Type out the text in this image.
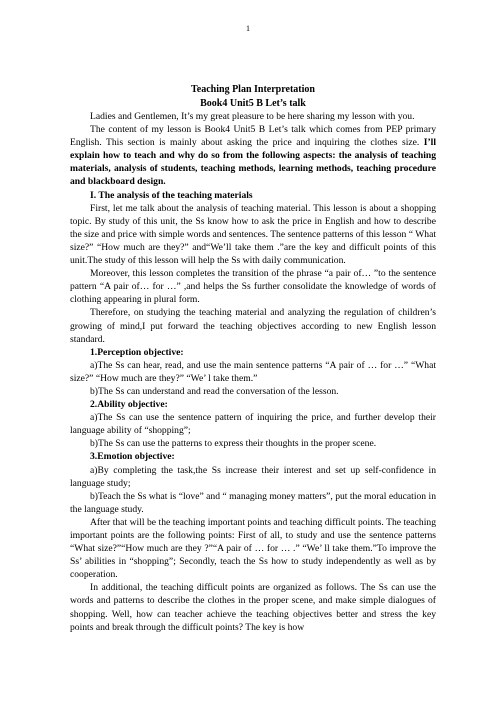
1

Teaching Plan Interpretation

Book4 Unit5 B Let’s talk

Ladies and Gentlemen, It’s my great pleasure to be here sharing my lesson with you.

The content of my lesson is Book4 Unit5 B Let’s talk which comes from PEP primary English. This section is mainly about asking the price and inquiring the clothes size. I’ll explain how to teach and why do so from the following aspects: the analysis of teaching materials, analysis of students, teaching methods, learning methods, teaching procedure and blackboard design.

I. The analysis of the teaching materials

First, let me talk about the analysis of teaching material. This lesson is about a shopping topic. By study of this unit, the Ss know how to ask the price in English and how to describe the size and price with simple words and sentences. The sentence patterns of this lesson “ What size?” “How much are they?” and“We’ll take them .”are the key and difficult points of this unit.The study of this lesson will help the Ss with daily communication.

Moreover, this lesson completes the transition of the phrase “a pair of… ”to the sentence pattern “A pair of… for …” ,and helps the Ss further consolidate the knowledge of words of clothing appearing in plural form.

Therefore, on studying the teaching material and analyzing the regulation of children’s growing of mind,I put forward the teaching objectives according to new English lesson standard.

1.Perception objective:

a)The Ss can hear, read, and use the main sentence patterns “A pair of … for …” “What size?” “How much are they?” “We’ l take them.”

b)The Ss can understand and read the conversation of the lesson.

2.Ability objective:

a)The Ss can use the sentence pattern of inquiring the price, and further develop their language ability of “shopping”;

b)The Ss can use the patterns to express their thoughts in the proper scene.

3.Emotion objective:

a)By completing the task,the Ss increase their interest and set up self-confidence in language study;

b)Teach the Ss what is “love” and “ managing money matters”, put the moral education in the language study.

After that will be the teaching important points and teaching difficult points. The teaching important points are the following points: First of all, to study and use the sentence patterns “What size?”“How much are they ?”“A pair of … for … .” “We’ ll take them.”To improve the Ss’ abilities in “shopping”; Secondly, teach the Ss how to study independently as well as by cooperation.

In additional, the teaching difficult points are organized as follows. The Ss can use the words and patterns to describe the clothes in the proper scene, and make simple dialogues of shopping. Well, how can teacher achieve the teaching objectives better and stress the key points and break through the difficult points? The key is how
